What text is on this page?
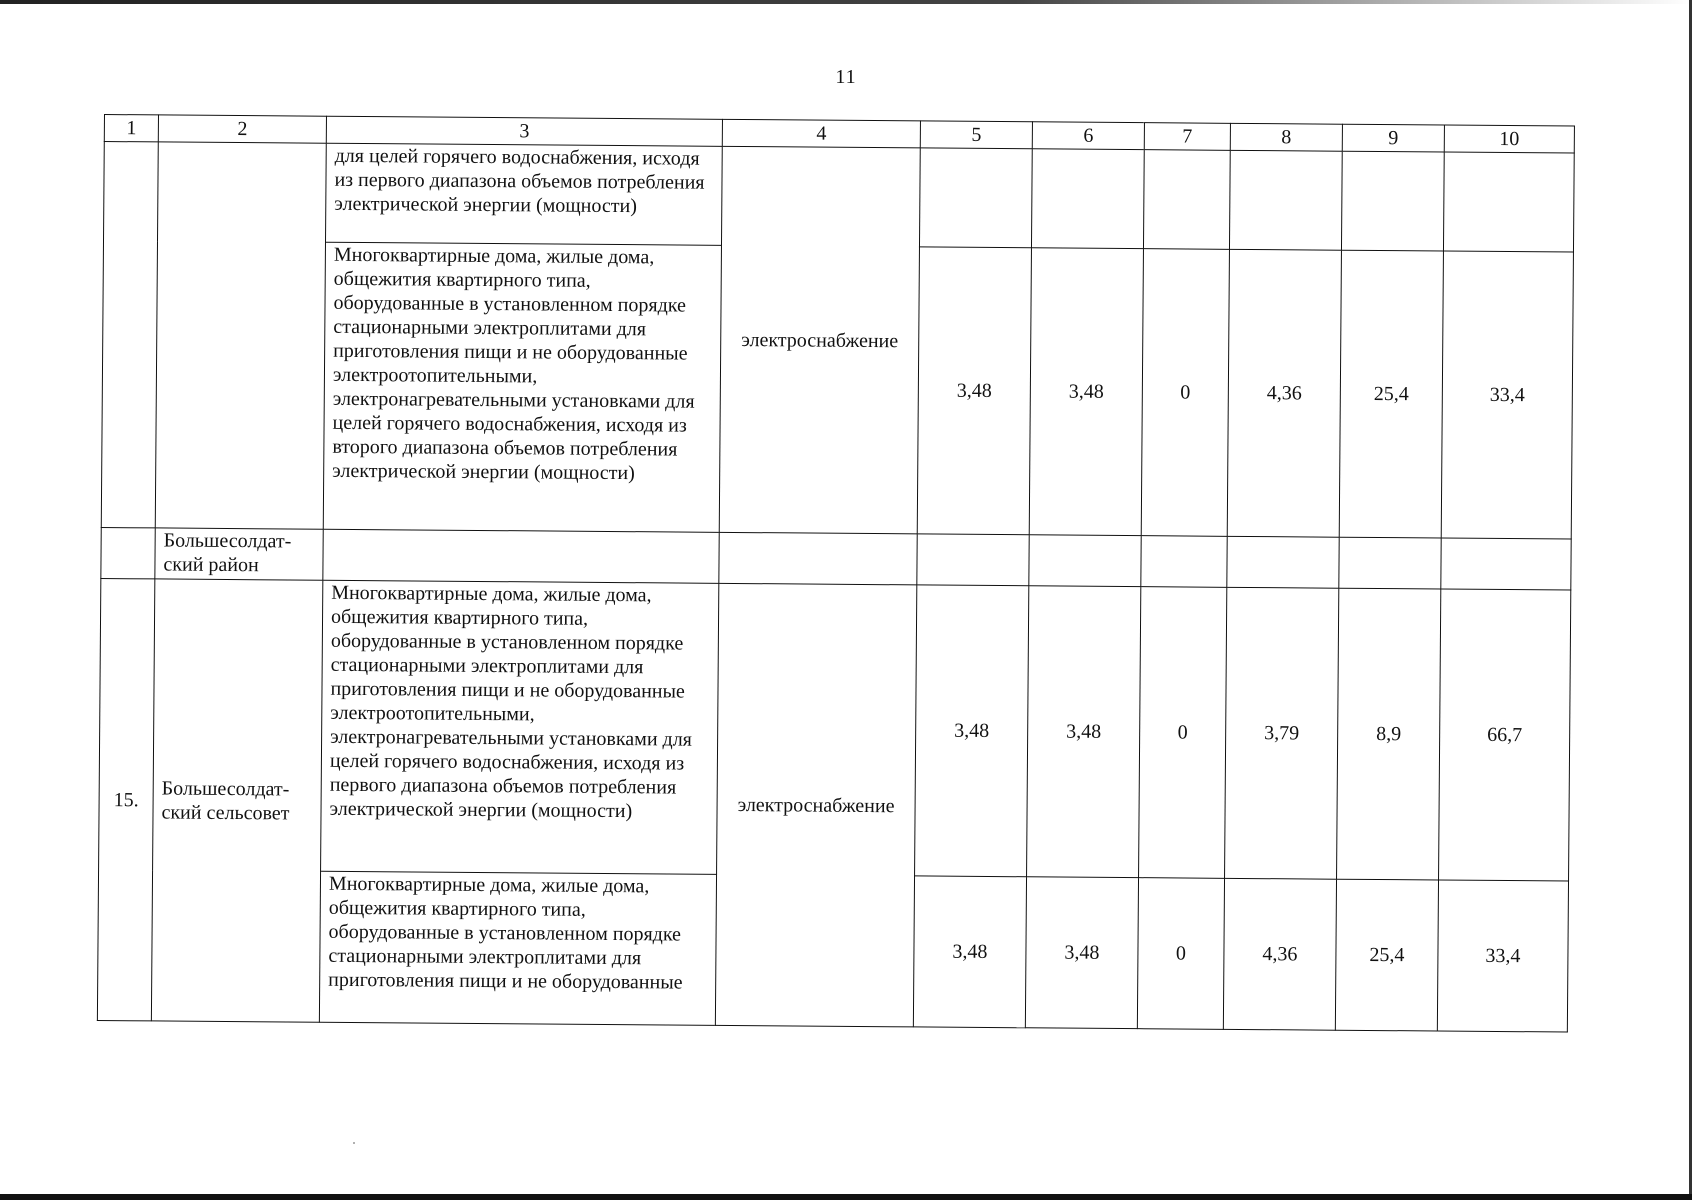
11
1	2	3	4	5	6	7	8	9	10
		для целей горячего водоснабжения, исходя из первого диапазона объемов потребления электрической энергии (мощности)	электроснабжение						
		Многоквартирные дома, жилые дома, общежития квартирного типа, оборудованные в установленном порядке стационарными электроплитами для приготовления пищи и не оборудованные электроотопительными, электронагревательными установками для целей горячего водоснабжения, исходя из второго диапазона объемов потребления электрической энергии (мощности)		3,48	3,48	0	4,36	25,4	33,4
	Большесолдат-ский район								
15.	Большесолдат-ский сельсовет	Многоквартирные дома, жилые дома, общежития квартирного типа, оборудованные в установленном порядке стационарными электроплитами для приготовления пищи и не оборудованные электроотопительными, электронагревательными установками для целей горячего водоснабжения, исходя из первого диапазона объемов потребления электрической энергии (мощности)	электроснабжение	3,48	3,48	0	3,79	8,9	66,7
		Многоквартирные дома, жилые дома, общежития квартирного типа, оборудованные в установленном порядке стационарными электроплитами для приготовления пищи и не оборудованные		3,48	3,48	0	4,36	25,4	33,4
